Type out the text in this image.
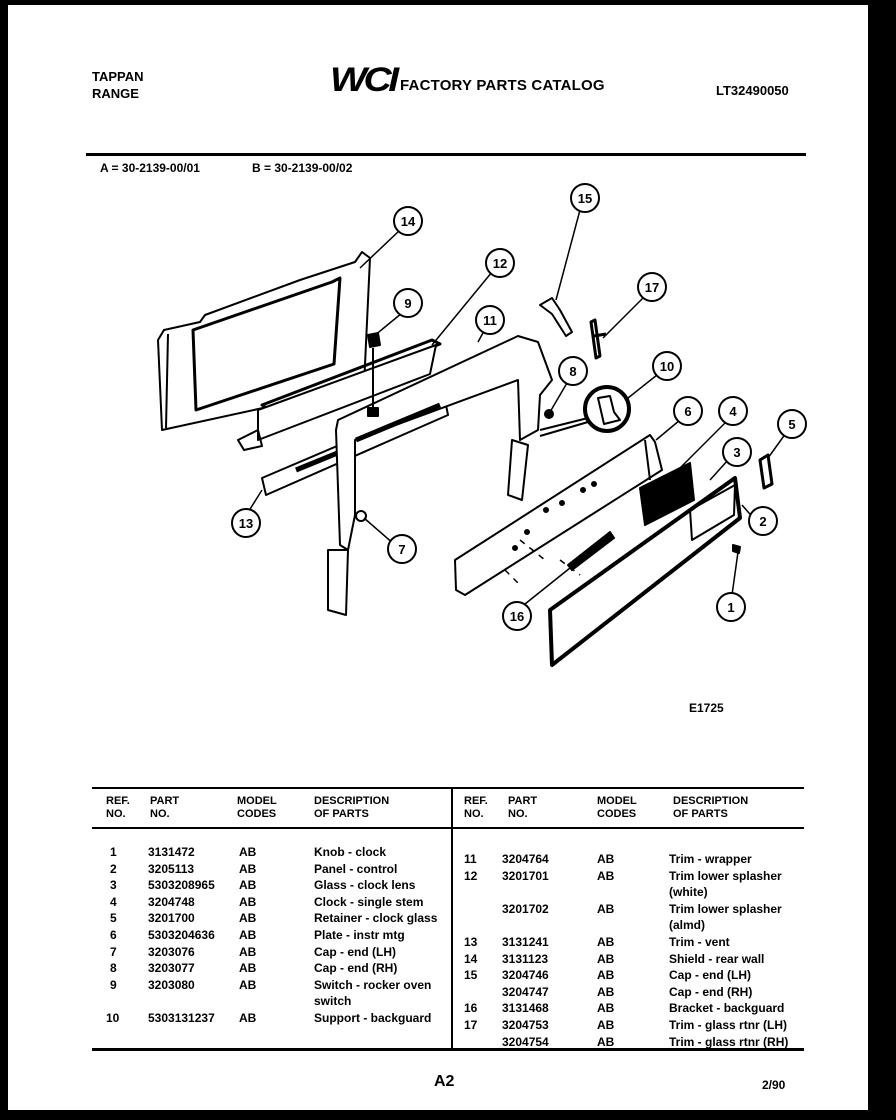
TAPPAN
RANGE	WCI FACTORY PARTS CATALOG	LT32490050
A = 30-2139-00/01	B = 30-2139-00/02
14
12
9
11
15
17
8	10
6	4
3
5
2
1
16
7
13
E1725
REF.
NO.
PART
NO.
MODEL
CODES
DESCRIPTION
OF PARTS
1	3131472	AB	Knob - clock
2	3205113	AB	Panel - control
3	5303208965 AB	Glass - clock lens
4	3204748	AB	Clock - single stem
5	3201700	AB	Retainer - clock glass
6	5303204636 AB	Plate - instr mtg
7	3203076	AB	Cap - end (LH)
8	3203077	AB	Cap - end (RH)
9	3203080	AB	Switch - rocker oven
switch
10 5303131237 AB	Support - backguard
REF.
NO.
PART
NO.
MODEL
CODES
DESCRIPTION
OF PARTS
11 3204764	AB	Trim - wrapper
12 3201701	AB	Trim lower splasher
(white)
3201702	AB	Trim lower splasher
(almd)
13 3131241	AB	Trim - vent
14 3131123	AB	Shield - rear wall
15 3204746	AB	Cap - end (LH)
3204747	AB	Cap - end (RH)
16 3131468	AB	Bracket - backguard
17 3204753	AB	Trim - glass rtnr (LH)
3204754	AB	Trim - glass rtnr (RH)
A2	2/90
